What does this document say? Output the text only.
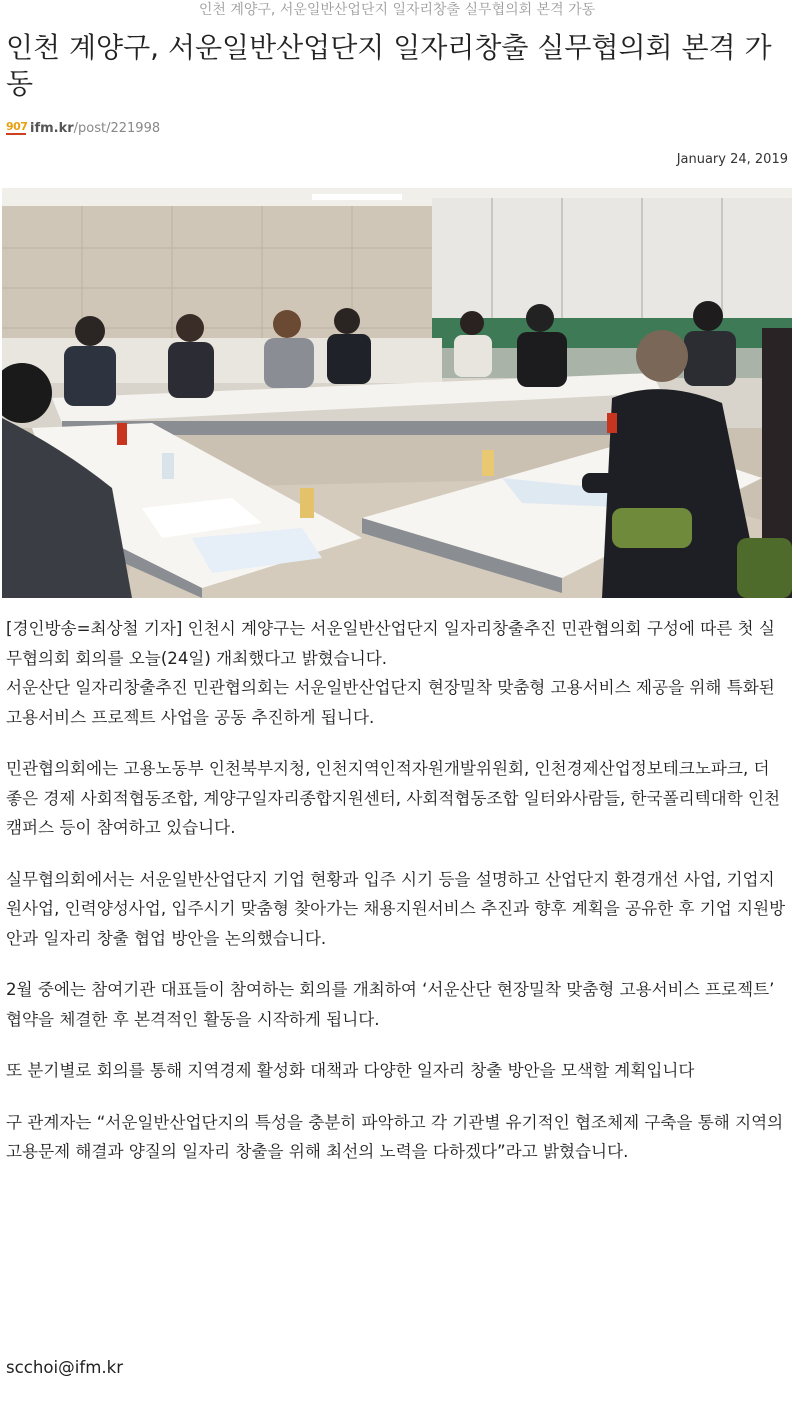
인천 계양구, 서운일반산업단지 일자리창출 실무협의회 본격 가동
인천 계양구, 서운일반산업단지 일자리창출 실무협의회 본격 가동
907 ifm.kr /post/221998
January 24, 2019

[경인방송=최상철 기자] 인천시 계양구는 서운일반산업단지 일자리창출추진 민관협의회 구성에 따른 첫 실무협의회 회의를 오늘(24일) 개최했다고 밝혔습니다.
서운산단 일자리창출추진 민관협의회는 서운일반산업단지 현장밀착 맞춤형 고용서비스 제공을 위해 특화된 고용서비스 프로젝트 사업을 공동 추진하게 됩니다.

민관협의회에는 고용노동부 인천북부지청, 인천지역인적자원개발위원회, 인천경제산업정보테크노파크, 더 좋은 경제 사회적협동조합, 계양구일자리종합지원센터, 사회적협동조합 일터와사람들, 한국폴리텍대학 인천캠퍼스 등이 참여하고 있습니다.

실무협의회에서는 서운일반산업단지 기업 현황과 입주 시기 등을 설명하고 산업단지 환경개선 사업, 기업지원사업, 인력양성사업, 입주시기 맞춤형 찾아가는 채용지원서비스 추진과 향후 계획을 공유한 후 기업 지원방안과 일자리 창출 협업 방안을 논의했습니다.

2월 중에는 참여기관 대표들이 참여하는 회의를 개최하여 ‘서운산단 현장밀착 맞춤형 고용서비스 프로젝트’ 협약을 체결한 후 본격적인 활동을 시작하게 됩니다.

또 분기별로 회의를 통해 지역경제 활성화 대책과 다양한 일자리 창출 방안을 모색할 계획입니다

구 관계자는 “서운일반산업단지의 특성을 충분히 파악하고 각 기관별 유기적인 협조체제 구축을 통해 지역의 고용문제 해결과 양질의 일자리 창출을 위해 최선의 노력을 다하겠다”라고 밝혔습니다.

scchoi@ifm.kr
